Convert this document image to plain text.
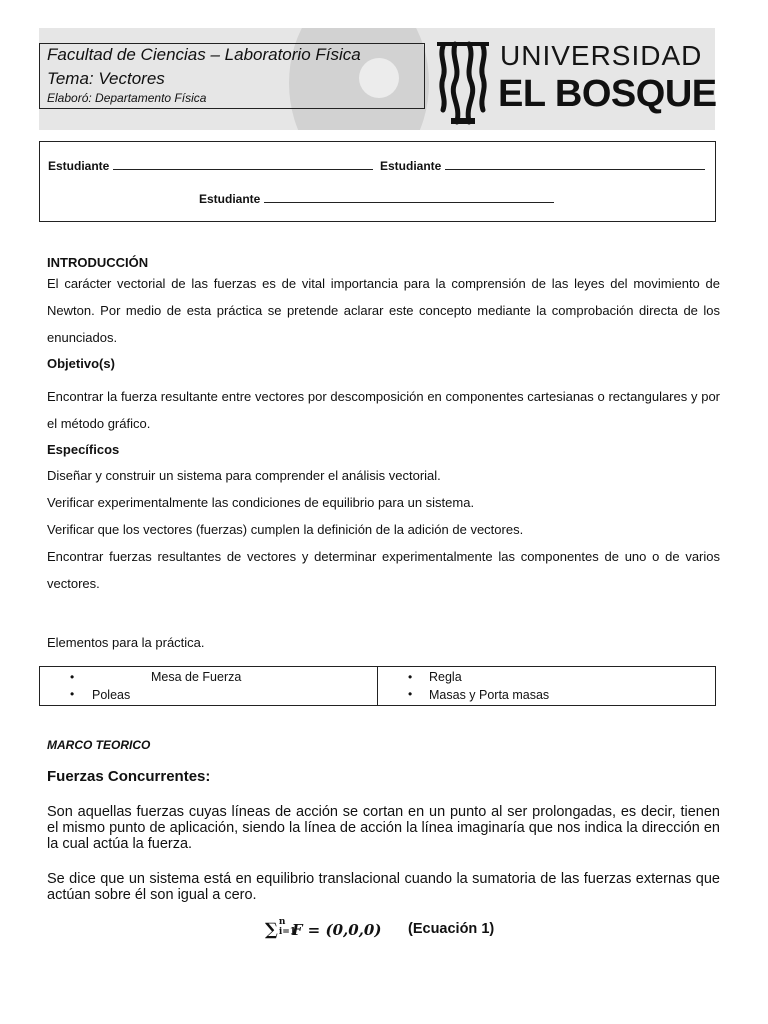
Facultad de Ciencias – Laboratorio Física
Tema: Vectores
Elaboró: Departamento Física
UNIVERSIDAD
EL BOSQUE
Estudiante	Estudiante
Estudiante
INTRODUCCIÓN
El carácter vectorial de las fuerzas es de vital importancia para la comprensión de las leyes del movimiento de Newton. Por medio de esta práctica se pretende aclarar este concepto mediante la comprobación directa de los enunciados.
Objetivo(s)
Encontrar la fuerza resultante entre vectores por descomposición en componentes cartesianas o rectangulares y por el método gráfico.
Específicos
Diseñar y construir un sistema para comprender el análisis vectorial.
Verificar experimentalmente las condiciones de equilibrio para un sistema.
Verificar que los vectores (fuerzas) cumplen la definición de la adición de vectores.
Encontrar fuerzas resultantes de vectores y determinar experimentalmente las componentes de uno o de varios vectores.
Elementos para la práctica.
•	Mesa de Fuerza
• Poleas
• Regla
• Masas y Porta masas
MARCO TEORICO
Fuerzas Concurrentes:
Son aquellas fuerzas cuyas líneas de acción se cortan en un punto al ser prolongadas, es decir, tienen el mismo punto de aplicación, siendo la línea de acción la línea imaginaría que nos indica la dirección en la cual actúa la fuerza.
Se dice que un sistema está en equilibrio translacional cuando la sumatoria de las fuerzas externas que actúan sobre él son igual a cero.
∑ n
i=1
F = (0,0,0) (Ecuación 1)
